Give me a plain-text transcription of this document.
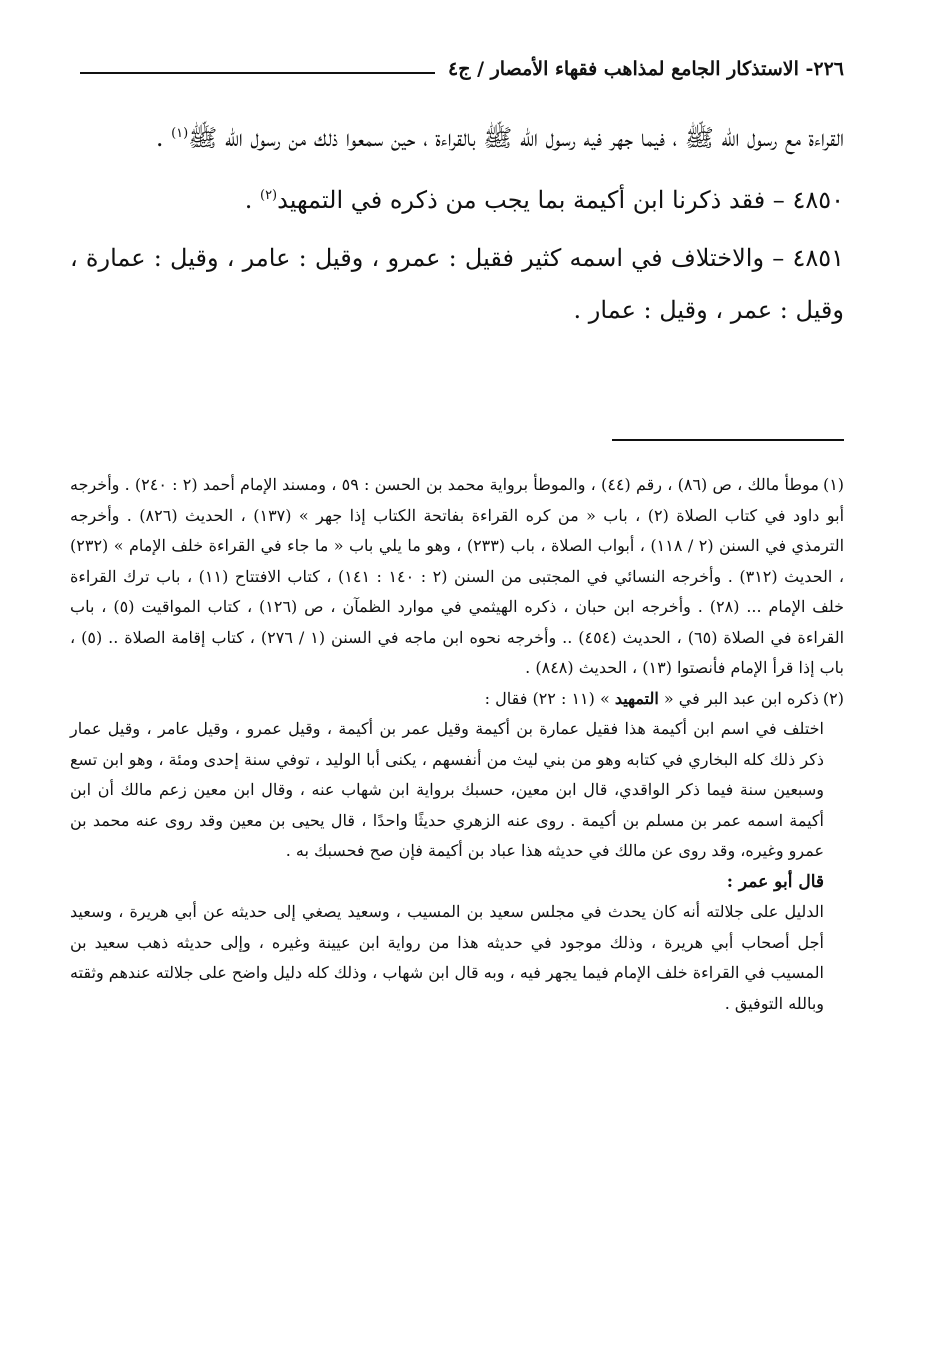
٢٢٦- الاستذكار الجامع لمذاهب فقهاء الأمصار / ج٤

القراءة مع رسول الله ﷺ ، فيما جهر فيه رسول الله ﷺ بالقراءة ، حين سمعوا ذلك من رسول الله ﷺ$^{(١)}$ .

٤٨٥٠ – فقد ذكرنا ابن أكيمة بما يجب من ذكره في التمهيد$^{(٢)}$ .

٤٨٥١ – والاختلاف في اسمه كثير فقيل : عمرو ، وقيل : عامر ، وقيل : عمارة ، وقيل : عمر ، وقيل : عمار .

(١)موطأ مالك ، ص (٨٦) ، رقم (٤٤) ، والموطأ برواية محمد بن الحسن : ٥٩ ، ومسند الإمام أحمد (٢ : ٢٤٠) . وأخرجه أبو داود في كتاب الصلاة (٢) ، باب « من كره القراءة بفاتحة الكتاب إذا جهر » (١٣٧) ، الحديث (٨٢٦) . وأخرجه الترمذي في السنن (٢ / ١١٨) ، أبواب الصلاة ، باب (٢٣٣) ، وهو ما يلي باب « ما جاء في القراءة خلف الإمام » (٢٣٢) ، الحديث (٣١٢) . وأخرجه النسائي في المجتبى من السنن (٢ : ١٤٠ : ١٤١) ، كتاب الافتتاح (١١) ، باب ترك القراءة خلف الإمام ... (٢٨) . وأخرجه ابن حبان ، ذكره الهيثمي في موارد الظمآن ، ص (١٢٦) ، كتاب المواقيت (٥) ، باب القراءة في الصلاة (٦٥) ، الحديث (٤٥٤) .. وأخرجه نحوه ابن ماجه في السنن (١ / ٢٧٦) ، كتاب إقامة الصلاة .. (٥) ، باب إذا قرأ الإمام فأنصتوا (١٣) ، الحديث (٨٤٨) .

(٢)ذكره ابن عبد البر في « التمهيد » (١١ : ٢٢) فقال :

اختلف في اسم ابن أكيمة هذا فقيل عمارة بن أكيمة وقيل عمر بن أكيمة ، وقيل عمرو ، وقيل عامر ، وقيل عمار ذكر ذلك كله البخاري في كتابه وهو من بني ليث من أنفسهم ، يكنى أبا الوليد ، توفي سنة إحدى ومئة ، وهو ابن تسع وسبعين سنة فيما ذكر الواقدي، قال ابن معين، حسبك برواية ابن شهاب عنه ، وقال ابن معين زعم مالك أن ابن أكيمة اسمه عمر بن مسلم بن أكيمة . روى عنه الزهري حديثًا واحدًا ، قال يحيى بن معين وقد روى عنه محمد بن عمرو وغيره، وقد روى عن مالك في حديثه هذا عباد بن أكيمة فإن صح فحسبك به .

قال أبو عمر :

الدليل على جلالته أنه كان يحدث في مجلس سعيد بن المسيب ، وسعيد يصغي إلى حديثه عن أبي هريرة ، وسعيد أجل أصحاب أبي هريرة ، وذلك موجود في حديثه هذا من رواية ابن عيينة وغيره ، وإلى حديثه ذهب سعيد بن المسيب في القراءة خلف الإمام فيما يجهر فيه ، وبه قال ابن شهاب ، وذلك كله دليل واضح على جلالته عندهم وثقته وبالله التوفيق .
